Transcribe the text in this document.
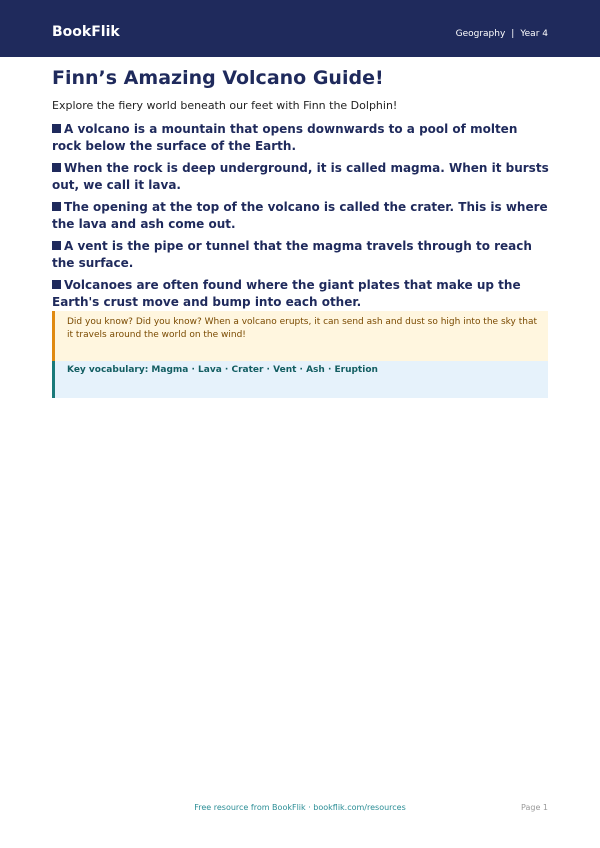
BookFlik	Geography | Year 4
Finn’s Amazing Volcano Guide!

Explore the fiery world beneath our feet with Finn the Dolphin!

A volcano is a mountain that opens downwards to a pool of molten rock below the surface of the Earth.
When the rock is deep underground, it is called magma. When it bursts out, we call it lava.
The opening at the top of the volcano is called the crater. This is where the lava and ash come out.
A vent is the pipe or tunnel that the magma travels through to reach the surface.
Volcanoes are often found where the giant plates that make up the Earth's crust move and bump into each other.

Did you know? Did you know? When a volcano erupts, it can send ash and dust so high into the sky that it travels around the world on the wind!

Key vocabulary: Magma · Lava · Crater · Vent · Ash · Eruption

Free resource from BookFlik · bookflik.com/resources	Page 1
